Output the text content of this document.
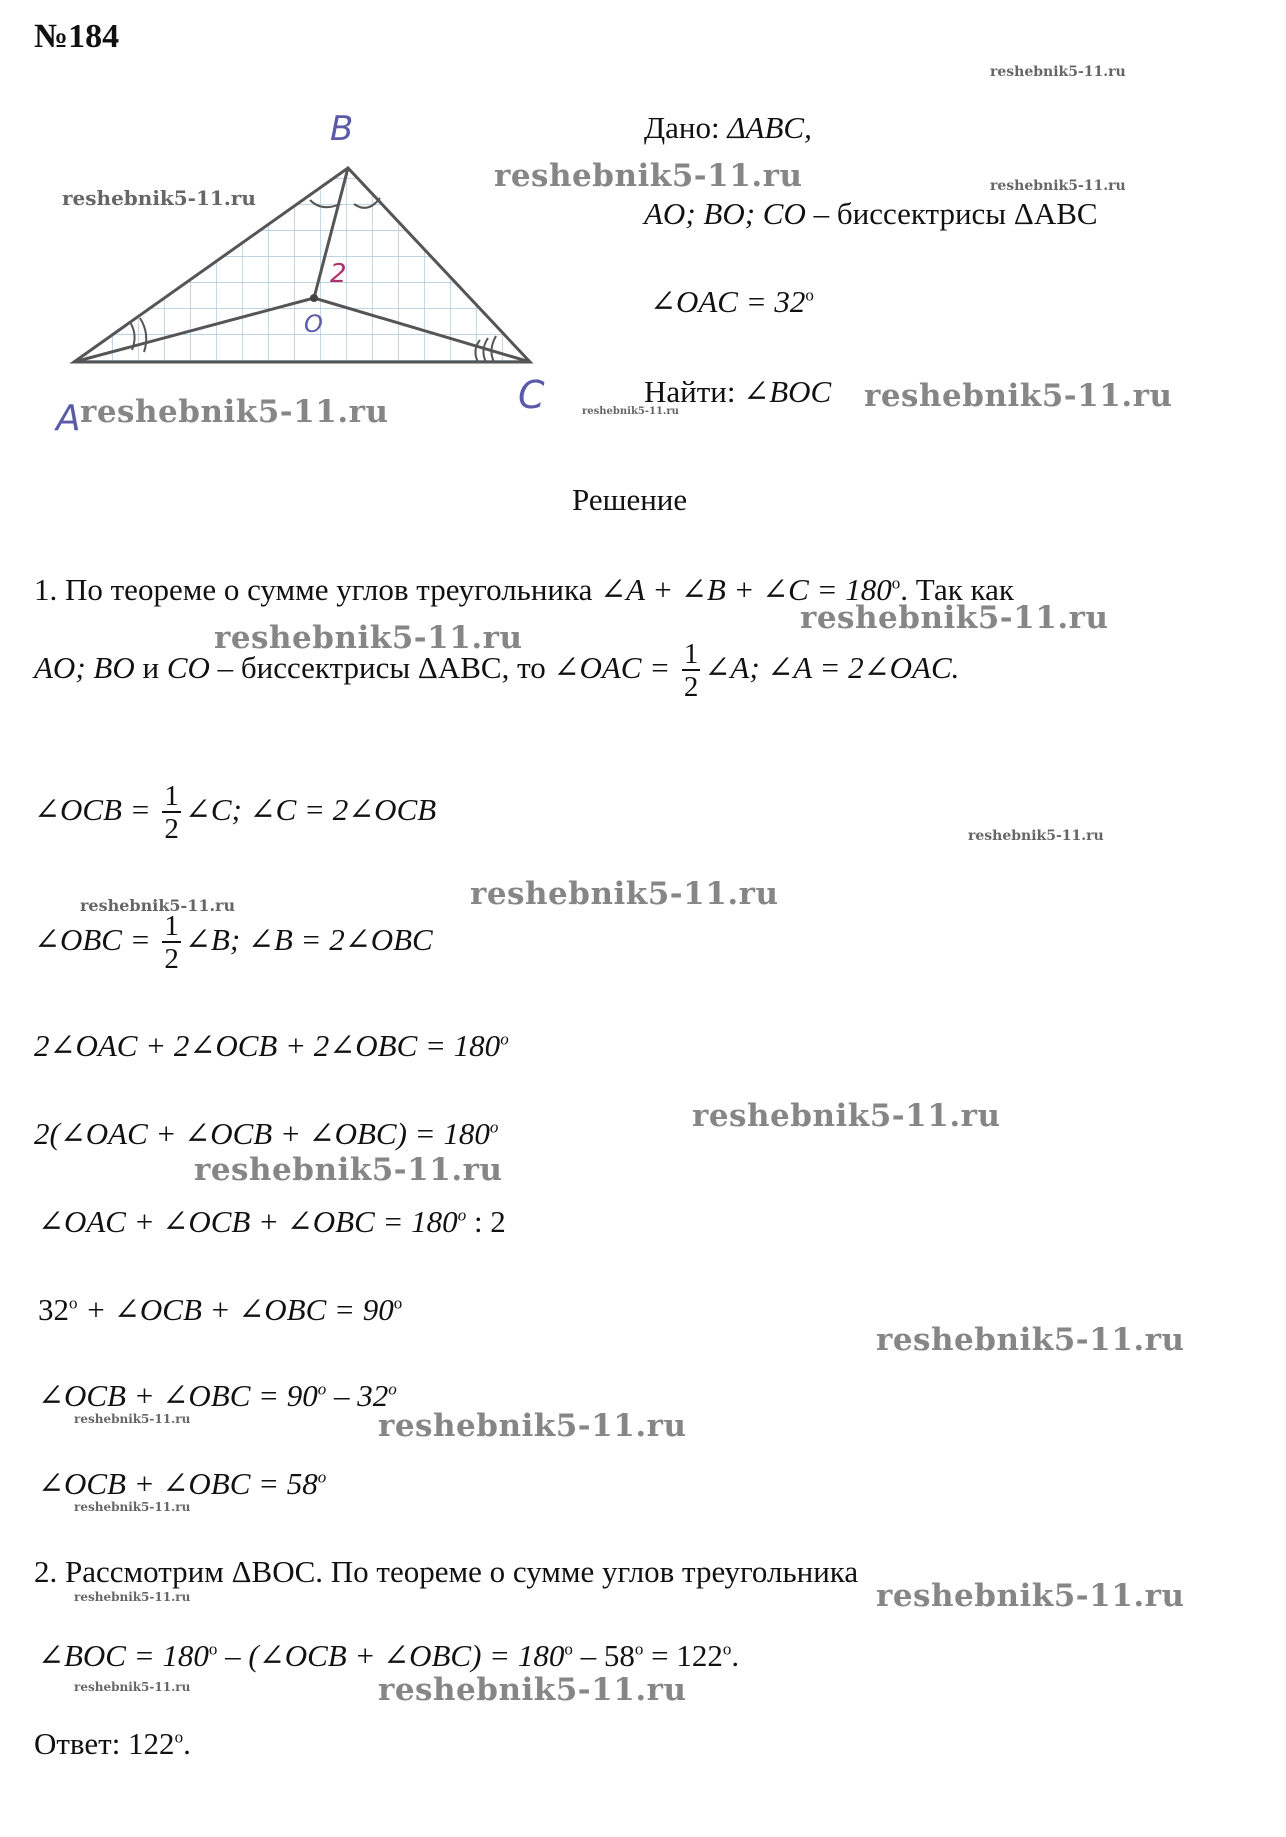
№184
B
A
C
O
2
Дано: ΔABC,
AO; BO; CO – биссектрисы ΔABC
∠OAC = $32^o$
Найти: ∠BOC
Решение
1. По теореме о сумме углов треугольника ∠A + ∠B + ∠C = $180^o$. Так как
AO; BO и CO – биссектрисы ΔABC, то ∠OAC = $\frac{1}{2}$ ∠A; ∠A = 2∠OAC.
∠OCB = $\frac{1}{2}$ ∠C; ∠C = 2∠OCB
∠OBC = $\frac{1}{2}$ ∠B; ∠B = 2∠OBC
2∠OAC + 2∠OCB + 2∠OBC = $180^o$
2(∠OAC + ∠OCB + ∠OBC) = $180^o$
∠OAC + ∠OCB + ∠OBC = $180^o$ : 2
$32^o$ + ∠OCB + ∠OBC = $90^o$
∠OCB + ∠OBC = $90^o - 32^o$
∠OCB + ∠OBC = $58^o$
2. Рассмотрим ΔBOC. По теореме о сумме углов треугольника
∠BOC = $180^o$ – (∠OCB + ∠OBC) = $180^o - 58^o = 122^o$.
Ответ: 122$^o$.
reshebnik5-11.ru
reshebnik5-11.ru
reshebnik5-11.ru
reshebnik5-11.ru
reshebnik5-11.ru
reshebnik5-11.ru
reshebnik5-11.ru
reshebnik5-11.ru
reshebnik5-11.ru
reshebnik5-11.ru
reshebnik5-11.ru
reshebnik5-11.ru	reshebnik5-11.ru
reshebnik5-11.ru
reshebnik5-11.ru
reshebnik5-11.ru
reshebnik5-11.ru
reshebnik5-11.ru
reshebnik5-11.ru
reshebnik5-11.ru
reshebnik5-11.ru
reshebnik5-11.ru
